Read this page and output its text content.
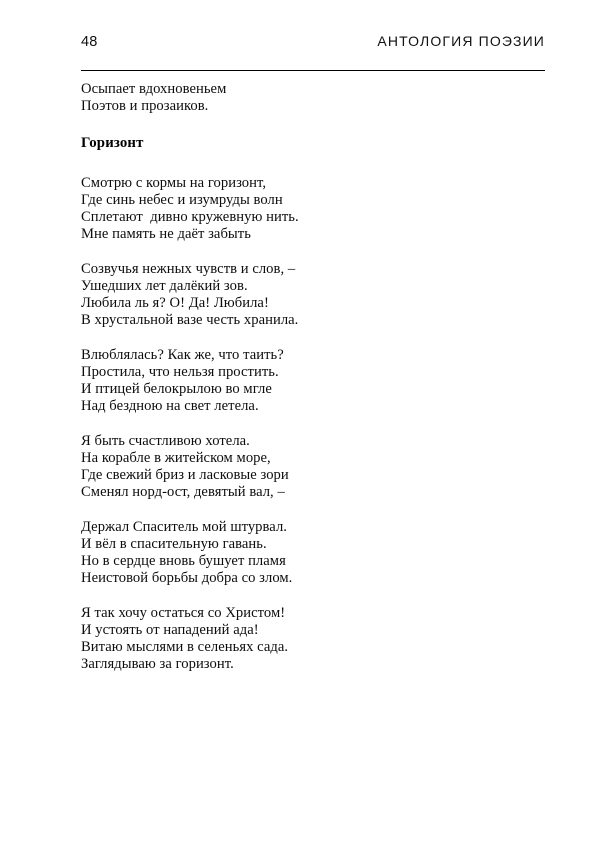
48	АНТОЛОГИЯ ПОЭЗИИ
Осыпает вдохновеньем
Поэтов и прозаиков.
Горизонт
Смотрю с кормы на горизонт,
Где синь небес и изумруды волн
Сплетают  дивно кружевную нить.
Мне память не даёт забыть
Созвучья нежных чувств и слов, –
Ушедших лет далёкий зов.
Любила ль я? О! Да! Любила!
В хрустальной вазе честь хранила.
Влюблялась? Как же, что таить?
Простила, что нельзя простить.
И птицей белокрылою во мгле
Над бездною на свет летела.
Я быть счастливою хотела.
На корабле в житейском море,
Где свежий бриз и ласковые зори
Сменял норд-ост, девятый вал, –
Держал Спаситель мой штурвал.
И вёл в спасительную гавань.
Но в сердце вновь бушует пламя
Неистовой борьбы добра со злом.
Я так хочу остаться со Христом!
И устоять от нападений ада!
Витаю мыслями в селеньях сада.
Заглядываю за горизонт.
